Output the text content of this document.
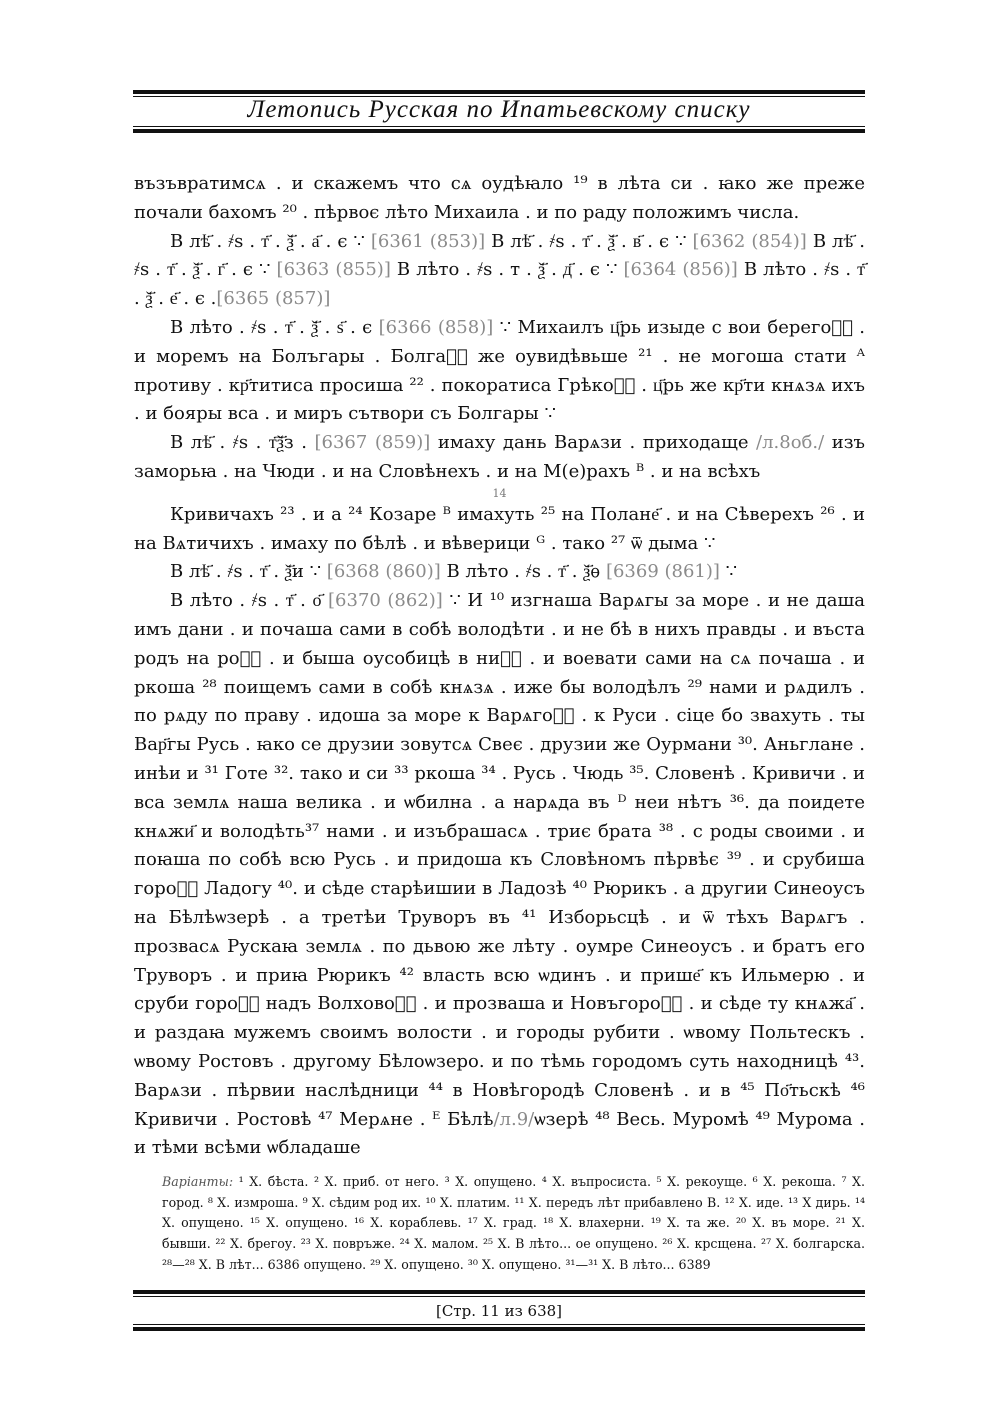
Летопись Русская по Ипатьевскому списку

възъвратимсѧ . и скажемъ что сѧ оудѣꙗло ¹⁹ в лѣта си . ꙗко же преже почали бахомъ ²⁰ . пѣрвоє лѣто Михаила . и по раду положимъ числа.

В лѣ҃ . ҂ѕ . т҃ . ѯ҃ . а҃ . є ∵ [6361 (853)] В лѣ҃ . ҂ѕ . т҃ . ѯ҃ . в҃ . є ∵ [6362 (854)] В лѣ҃ . ҂ѕ . т҃ . ѯ҃ . г҃ . є ∵ [6363 (855)] В лѣто . ҂ѕ . т . ѯ҃ . д҃ . є ∵ [6364 (856)] В лѣто . ҂ѕ . т҃ . ѯ҃ . е҃ . є .[6365 (857)]

В лѣто . ҂ѕ . т҃ . ѯ҃ . ѕ҃ . є [6366 (858)] ∵ Михаилъ ц҃рь изыде с вои берегоⷨ҇ . и моремъ на Болъгары . Болгаⷬ҇ же оувидѣвьше ²¹ . не могоша стати ᴬ противу . кр҃титиса просиша ²² . покоратиса Грѣкоⷨ҇ . ц҃рь же кр҃ти кнѧзѧ ихъ . и бояры вса . и миръ сътвори съ Болгары ∵

В лѣ҃ . ҂ѕ . т҃ѯ҃з . [6367 (859)] имаху дань Варѧзи . приходаще /л.8об./ изъ заморьꙗ . на Чюди . и на Словѣнехъ . и на М(е)рахъ ᴮ . и на всѣхъ

14

Кривичахъ ²³ . и а ²⁴ Козаре ᴮ имахуть ²⁵ на Полане҃ . и на Сѣверехъ ²⁶ . и на Вѧтичихъ . имаху по бѣлѣ . и вѣверици ᴳ . тако ²⁷ ѿ дыма ∵

В лѣ҃ . ҂ѕ . т҃ . ѯ҃и ∵ [6368 (860)] В лѣто . ҂ѕ . т҃ . ѯ҃ѳ [6369 (861)] ∵

В лѣто . ҂ѕ . т҃ . о҃ [6370 (862)] ∵ И ¹⁰ изгнаша Варѧгы за море . и не даша имъ дани . и почаша сами в собѣ володѣти . и не бѣ в нихъ правды . и въста родъ на роⷣ҇ . и быша оусобицѣ в ниⷯ҇ . и воевати сами на сѧ почаша . и ркоша ²⁸ поищемъ сами в собѣ кнѧзѧ . иже бы володѣлъ ²⁹ нами и рѧдилъ . по рѧду по праву . идоша за море к Варѧгоⷨ҇ . к Руси . сіце бо звахуть . ты Вар҃гы Русь . ꙗко се друзии зовутсѧ Свеє . друзии же Оурмани ³⁰. Аньглане . инѣи и ³¹ Готе ³². тако и си ³³ ркоша ³⁴ . Русь . Чюдь ³⁵. Словенѣ . Кривичи . и вса землѧ наша велика . и ѡбилна . а нарѧда въ ᴰ неи нѣтъ ³⁶. да поидете кнѧжи҃ и володѣть³⁷ нами . и изъбрашасѧ . триє брата ³⁸ . с роды своими . и поꙗша по собѣ всю Русь . и придоша къ Словѣномъ пѣрвѣє ³⁹ . и срубиша гороⷣ҇ Ладогу ⁴⁰. и сѣде старѣишии в Ладозѣ ⁴⁰ Рюрикъ . а другии Синеоусъ на Бѣлѣѡзерѣ . а третѣи Труворъ въ ⁴¹ Изборьсцѣ . и ѿ тѣхъ Варѧгъ . прозвасѧ Рускаꙗ землѧ . по дьвою же лѣту . оумре Синеоусъ . и братъ его Труворъ . и приꙗ Рюрикъ ⁴² власть всю ѡдинъ . и прише҃ къ Ильмерю . и сруби гороⷣ҇ надъ Волховоⷨ҇ . и прозваша и Новъгороⷣ҇ . и сѣде ту кнѧжа҃ . и раздаꙗ мужемъ своимъ волости . и городы рубити . ѡвому Польтескъ . ѡвому Ростовъ . другому Бѣлоѡзеро. и по тѣмь городомъ суть находницѣ ⁴³. Варѧзи . пѣрвии наслѣдници ⁴⁴ в Новѣгородѣ Словенѣ . и в ⁴⁵ По҃тьскѣ ⁴⁶ Кривичи . Ростовѣ ⁴⁷ Мерѧне . ᴱ Бѣлѣ/л.9/ѡзерѣ ⁴⁸ Весь. Муромѣ ⁴⁹ Мурома . и тѣми всѣми ѡбладаше

Варіанты: ¹ Х. бѣста. ² Х. приб. от него. ³ Х. опущено. ⁴ Х. въпросиста. ⁵ Х. рекоуще. ⁶ Х. рекоша. ⁷ Х. город. ⁸ Х. измроша. ⁹ Х. сѣдим род их. ¹⁰ Х. платим. ¹¹ Х. передъ лѣт прибавлено В. ¹² Х. иде. ¹³ Х дирь. ¹⁴ Х. опущено. ¹⁵ Х. опущено. ¹⁶ Х. кораблевь. ¹⁷ Х. град. ¹⁸ Х. влахерни. ¹⁹ Х. та же. ²⁰ Х. въ море. ²¹ Х. бывши. ²² Х. брегоу. ²³ Х. повръже. ²⁴ Х. малом. ²⁵ Х. В лѣто... ое опущено. ²⁶ Х. крсщена. ²⁷ Х. болгарска. ²⁸—²⁸ Х. В лѣт... 6386 опущено. ²⁹ Х. опущено. ³⁰ Х. опущено. ³¹—³¹ Х. В лѣто... 6389
[Стр. 11 из 638]
